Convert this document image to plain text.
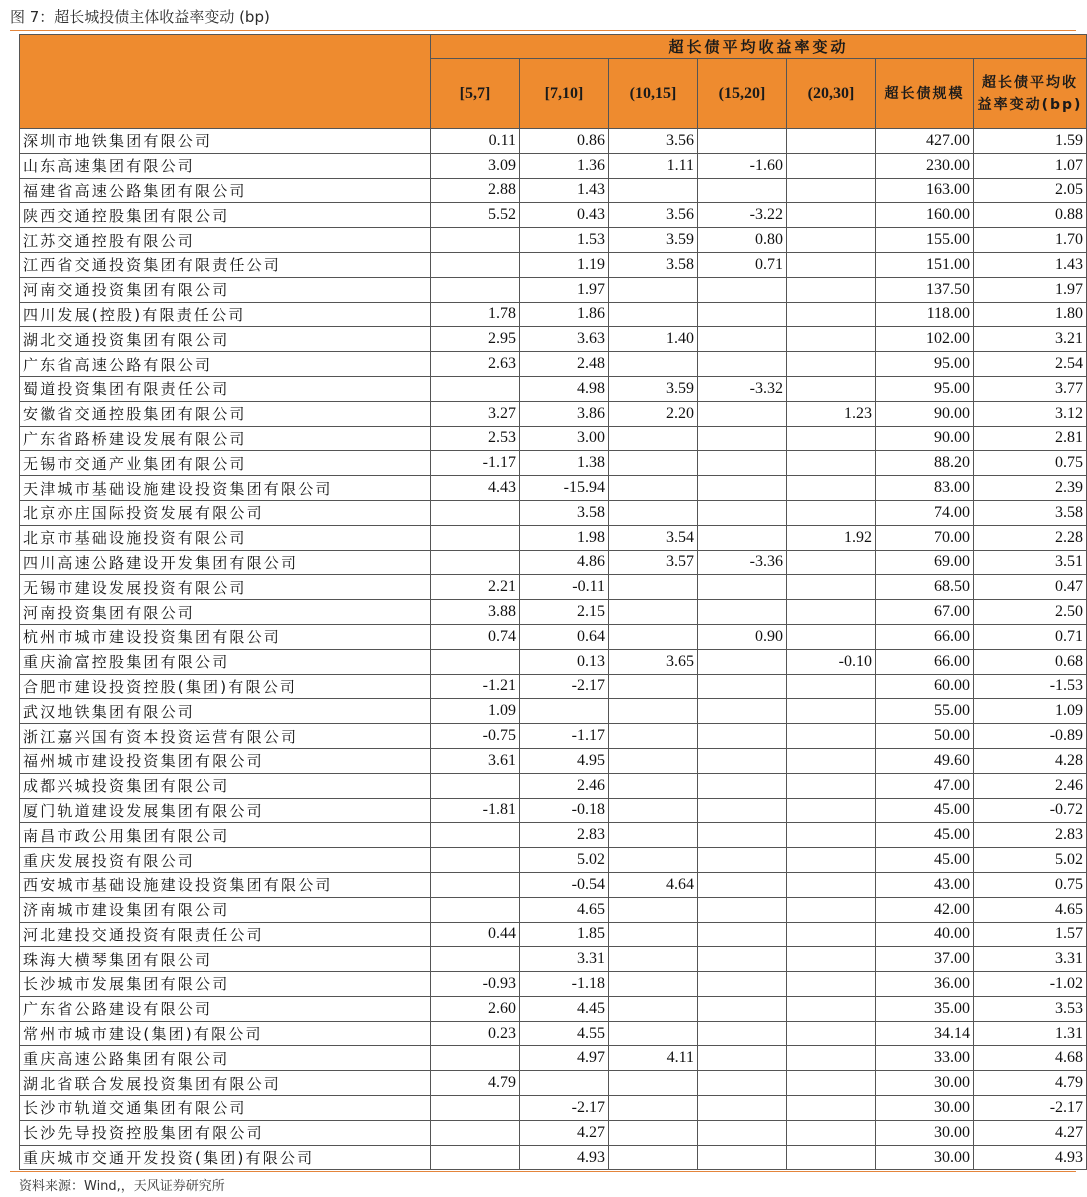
图 7：超长城投债主体收益率变动 (bp)
	超长债平均收益率变动						
	[5,7]	[7,10]	(10,15]	(15,20]	(20,30]	超长债规模	超长债平均收益率变动(bp)
深圳市地铁集团有限公司	0.11	0.86	3.56			427.00	1.59
山东高速集团有限公司	3.09	1.36	1.11	-1.60		230.00	1.07
福建省高速公路集团有限公司	2.88	1.43				163.00	2.05
陕西交通控股集团有限公司	5.52	0.43	3.56	-3.22		160.00	0.88
江苏交通控股有限公司		1.53	3.59	0.80		155.00	1.70
江西省交通投资集团有限责任公司		1.19	3.58	0.71		151.00	1.43
河南交通投资集团有限公司		1.97				137.50	1.97
四川发展(控股)有限责任公司	1.78	1.86				118.00	1.80
湖北交通投资集团有限公司	2.95	3.63	1.40			102.00	3.21
广东省高速公路有限公司	2.63	2.48				95.00	2.54
蜀道投资集团有限责任公司		4.98	3.59	-3.32		95.00	3.77
安徽省交通控股集团有限公司	3.27	3.86	2.20		1.23	90.00	3.12
广东省路桥建设发展有限公司	2.53	3.00				90.00	2.81
无锡市交通产业集团有限公司	-1.17	1.38				88.20	0.75
天津城市基础设施建设投资集团有限公司	4.43	-15.94				83.00	2.39
北京亦庄国际投资发展有限公司		3.58				74.00	3.58
北京市基础设施投资有限公司		1.98	3.54		1.92	70.00	2.28
四川高速公路建设开发集团有限公司		4.86	3.57	-3.36		69.00	3.51
无锡市建设发展投资有限公司	2.21	-0.11				68.50	0.47
河南投资集团有限公司	3.88	2.15				67.00	2.50
杭州市城市建设投资集团有限公司	0.74	0.64		0.90		66.00	0.71
重庆渝富控股集团有限公司		0.13	3.65		-0.10	66.00	0.68
合肥市建设投资控股(集团)有限公司	-1.21	-2.17				60.00	-1.53
武汉地铁集团有限公司	1.09					55.00	1.09
浙江嘉兴国有资本投资运营有限公司	-0.75	-1.17				50.00	-0.89
福州城市建设投资集团有限公司	3.61	4.95				49.60	4.28
成都兴城投资集团有限公司		2.46				47.00	2.46
厦门轨道建设发展集团有限公司	-1.81	-0.18				45.00	-0.72
南昌市政公用集团有限公司		2.83				45.00	2.83
重庆发展投资有限公司		5.02				45.00	5.02
西安城市基础设施建设投资集团有限公司		-0.54	4.64			43.00	0.75
济南城市建设集团有限公司		4.65				42.00	4.65
河北建投交通投资有限责任公司	0.44	1.85				40.00	1.57
珠海大横琴集团有限公司		3.31				37.00	3.31
长沙城市发展集团有限公司	-0.93	-1.18				36.00	-1.02
广东省公路建设有限公司	2.60	4.45				35.00	3.53
常州市城市建设(集团)有限公司	0.23	4.55				34.14	1.31
重庆高速公路集团有限公司		4.97	4.11			33.00	4.68
湖北省联合发展投资集团有限公司	4.79					30.00	4.79
长沙市轨道交通集团有限公司		-2.17				30.00	-2.17
长沙先导投资控股集团有限公司		4.27				30.00	4.27
重庆城市交通开发投资(集团)有限公司		4.93				30.00	4.93
资料来源：Wind,，天风证券研究所
